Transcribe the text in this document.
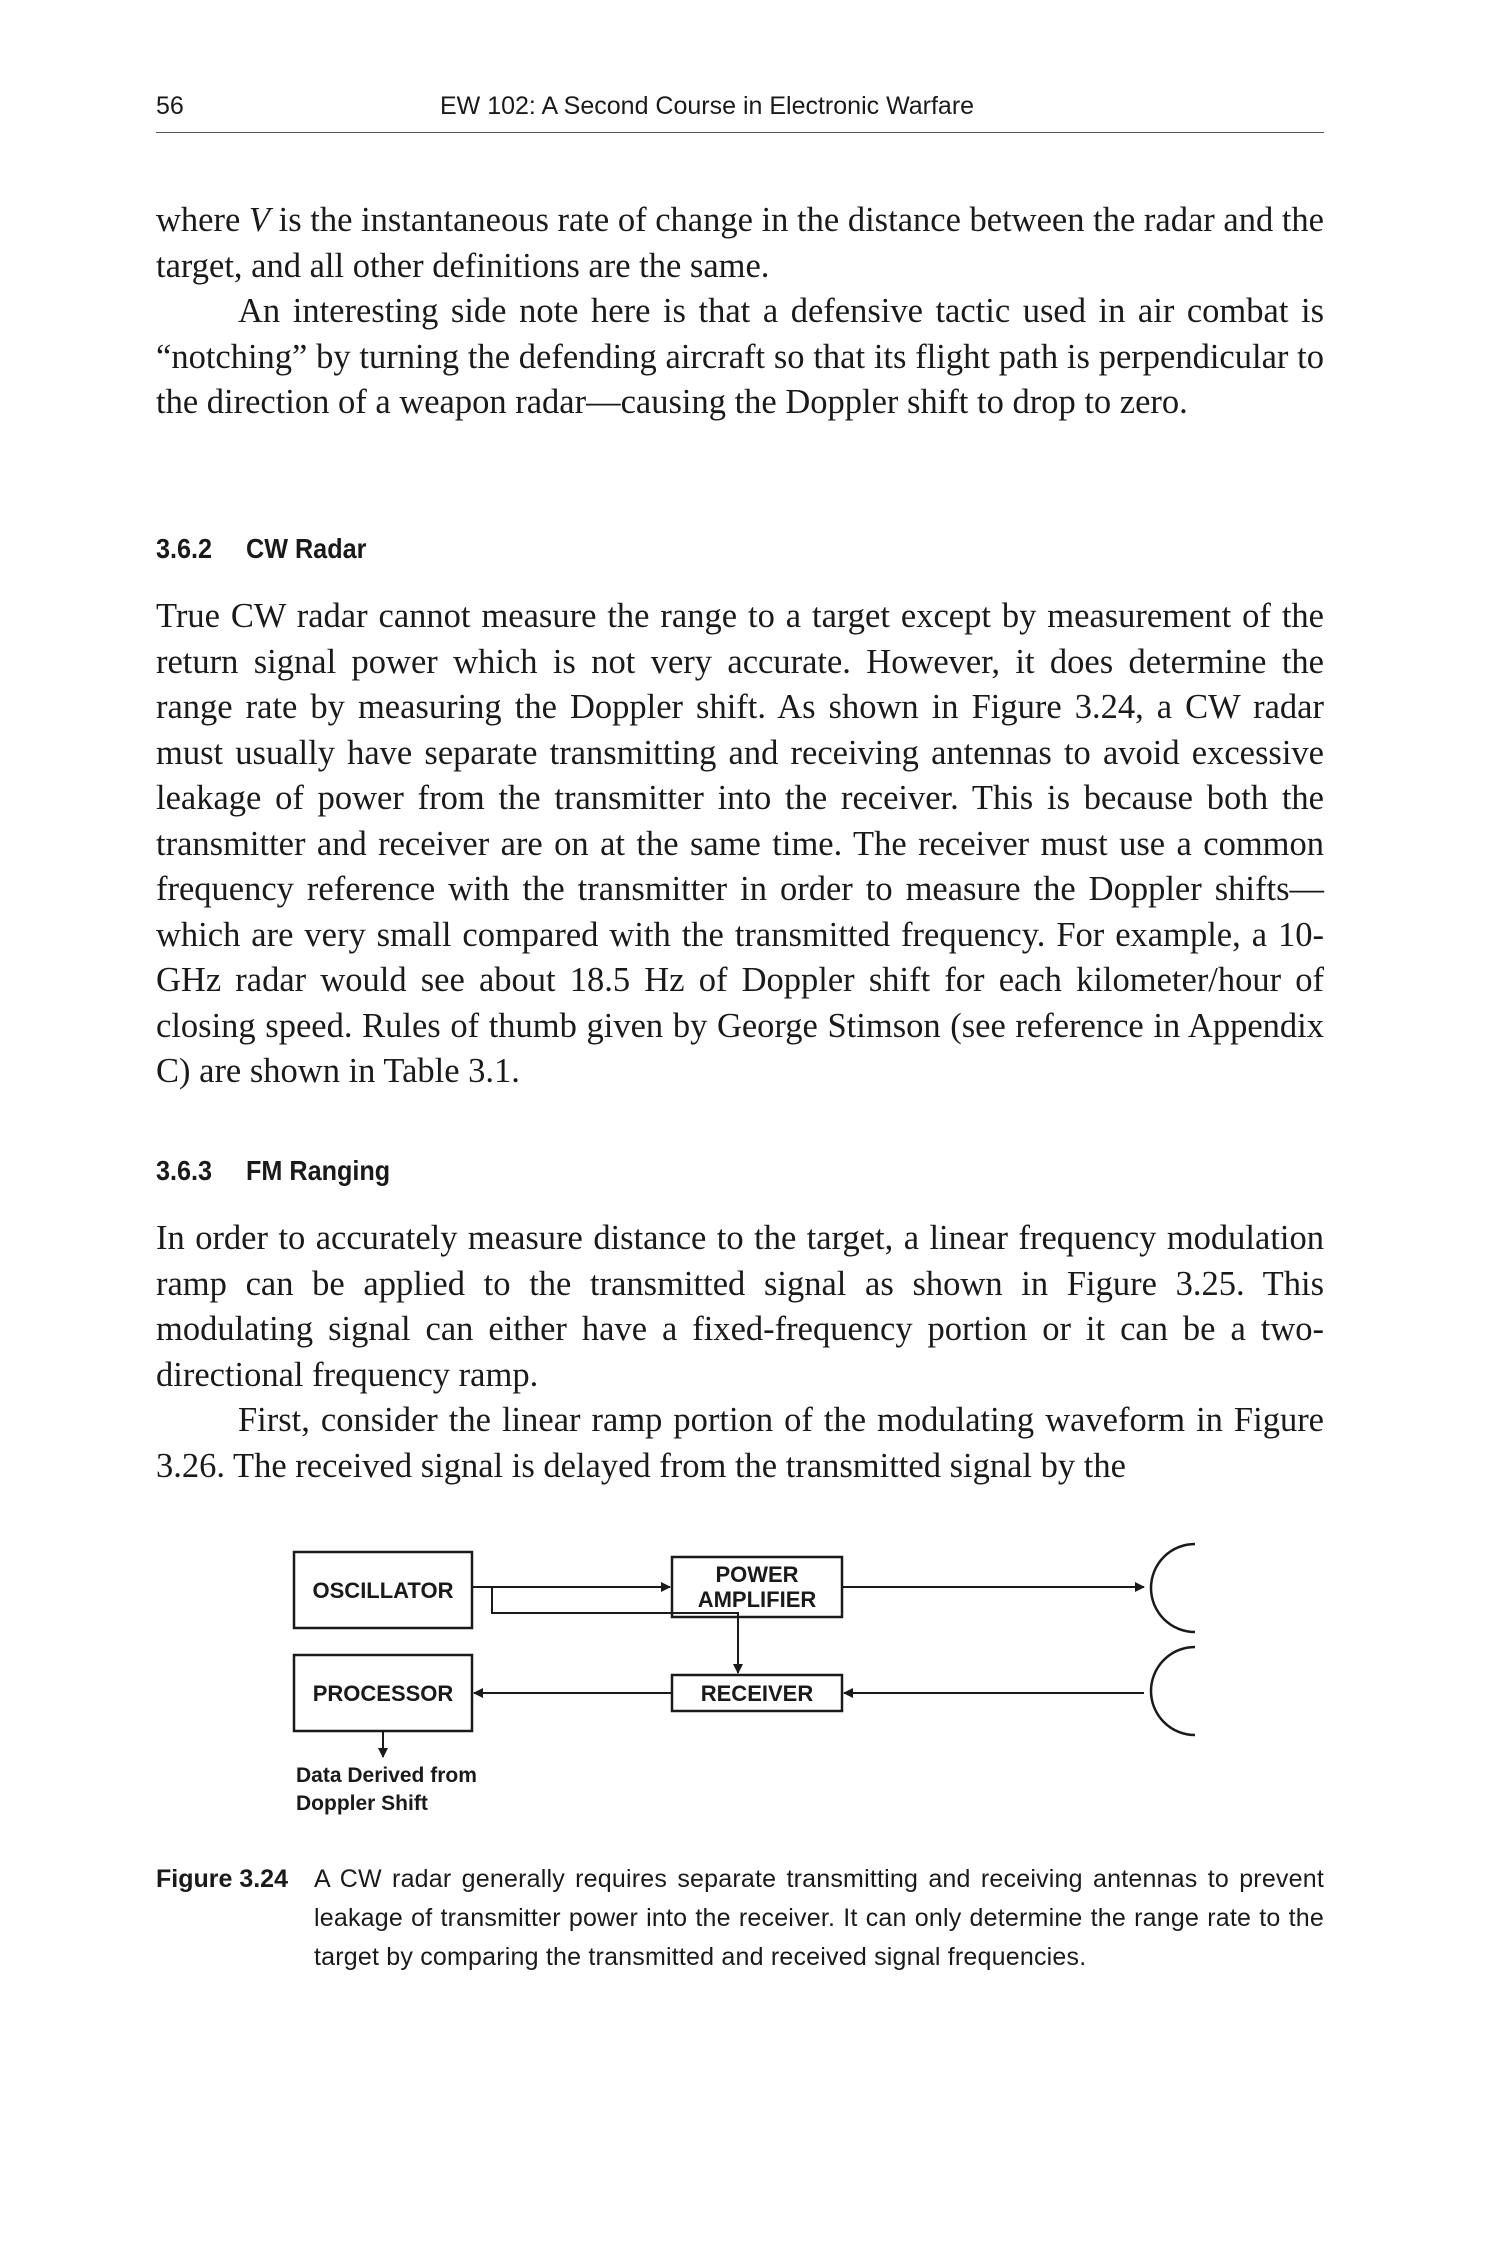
56	EW 102: A Second Course in Electronic Warfare

where V is the instantaneous rate of change in the distance between the radar and the target, and all other definitions are the same.

An interesting side note here is that a defensive tactic used in air combat is “notching” by turning the defending aircraft so that its flight path is perpendicular to the direction of a weapon radar—causing the Doppler shift to drop to zero.

3.6.2 CW Radar

True CW radar cannot measure the range to a target except by measurement of the return signal power which is not very accurate. However, it does determine the range rate by measuring the Doppler shift. As shown in Figure 3.24, a CW radar must usually have separate transmitting and receiving antennas to avoid excessive leakage of power from the transmitter into the receiver. This is because both the transmitter and receiver are on at the same time. The receiver must use a common frequency reference with the transmitter in order to measure the Doppler shifts—which are very small compared with the transmitted frequency. For example, a 10-GHz radar would see about 18.5 Hz of Doppler shift for each kilometer/hour of closing speed. Rules of thumb given by George Stimson (see reference in Appendix C) are shown in Table 3.1.

3.6.3 FM Ranging

In order to accurately measure distance to the target, a linear frequency modulation ramp can be applied to the transmitted signal as shown in Figure 3.25. This modulating signal can either have a fixed-frequency portion or it can be a two-directional frequency ramp.

First, consider the linear ramp portion of the modulating waveform in Figure 3.26. The received signal is delayed from the transmitted signal by the

OSCILLATOR
POWER
AMPLIFIER
PROCESSOR	RECEIVER
Data Derived from
Doppler Shift
Figure 3.24 A CW radar generally requires separate transmitting and receiving antennas to prevent leakage of transmitter power into the receiver. It can only determine the range rate to the target by comparing the transmitted and received signal frequencies.
